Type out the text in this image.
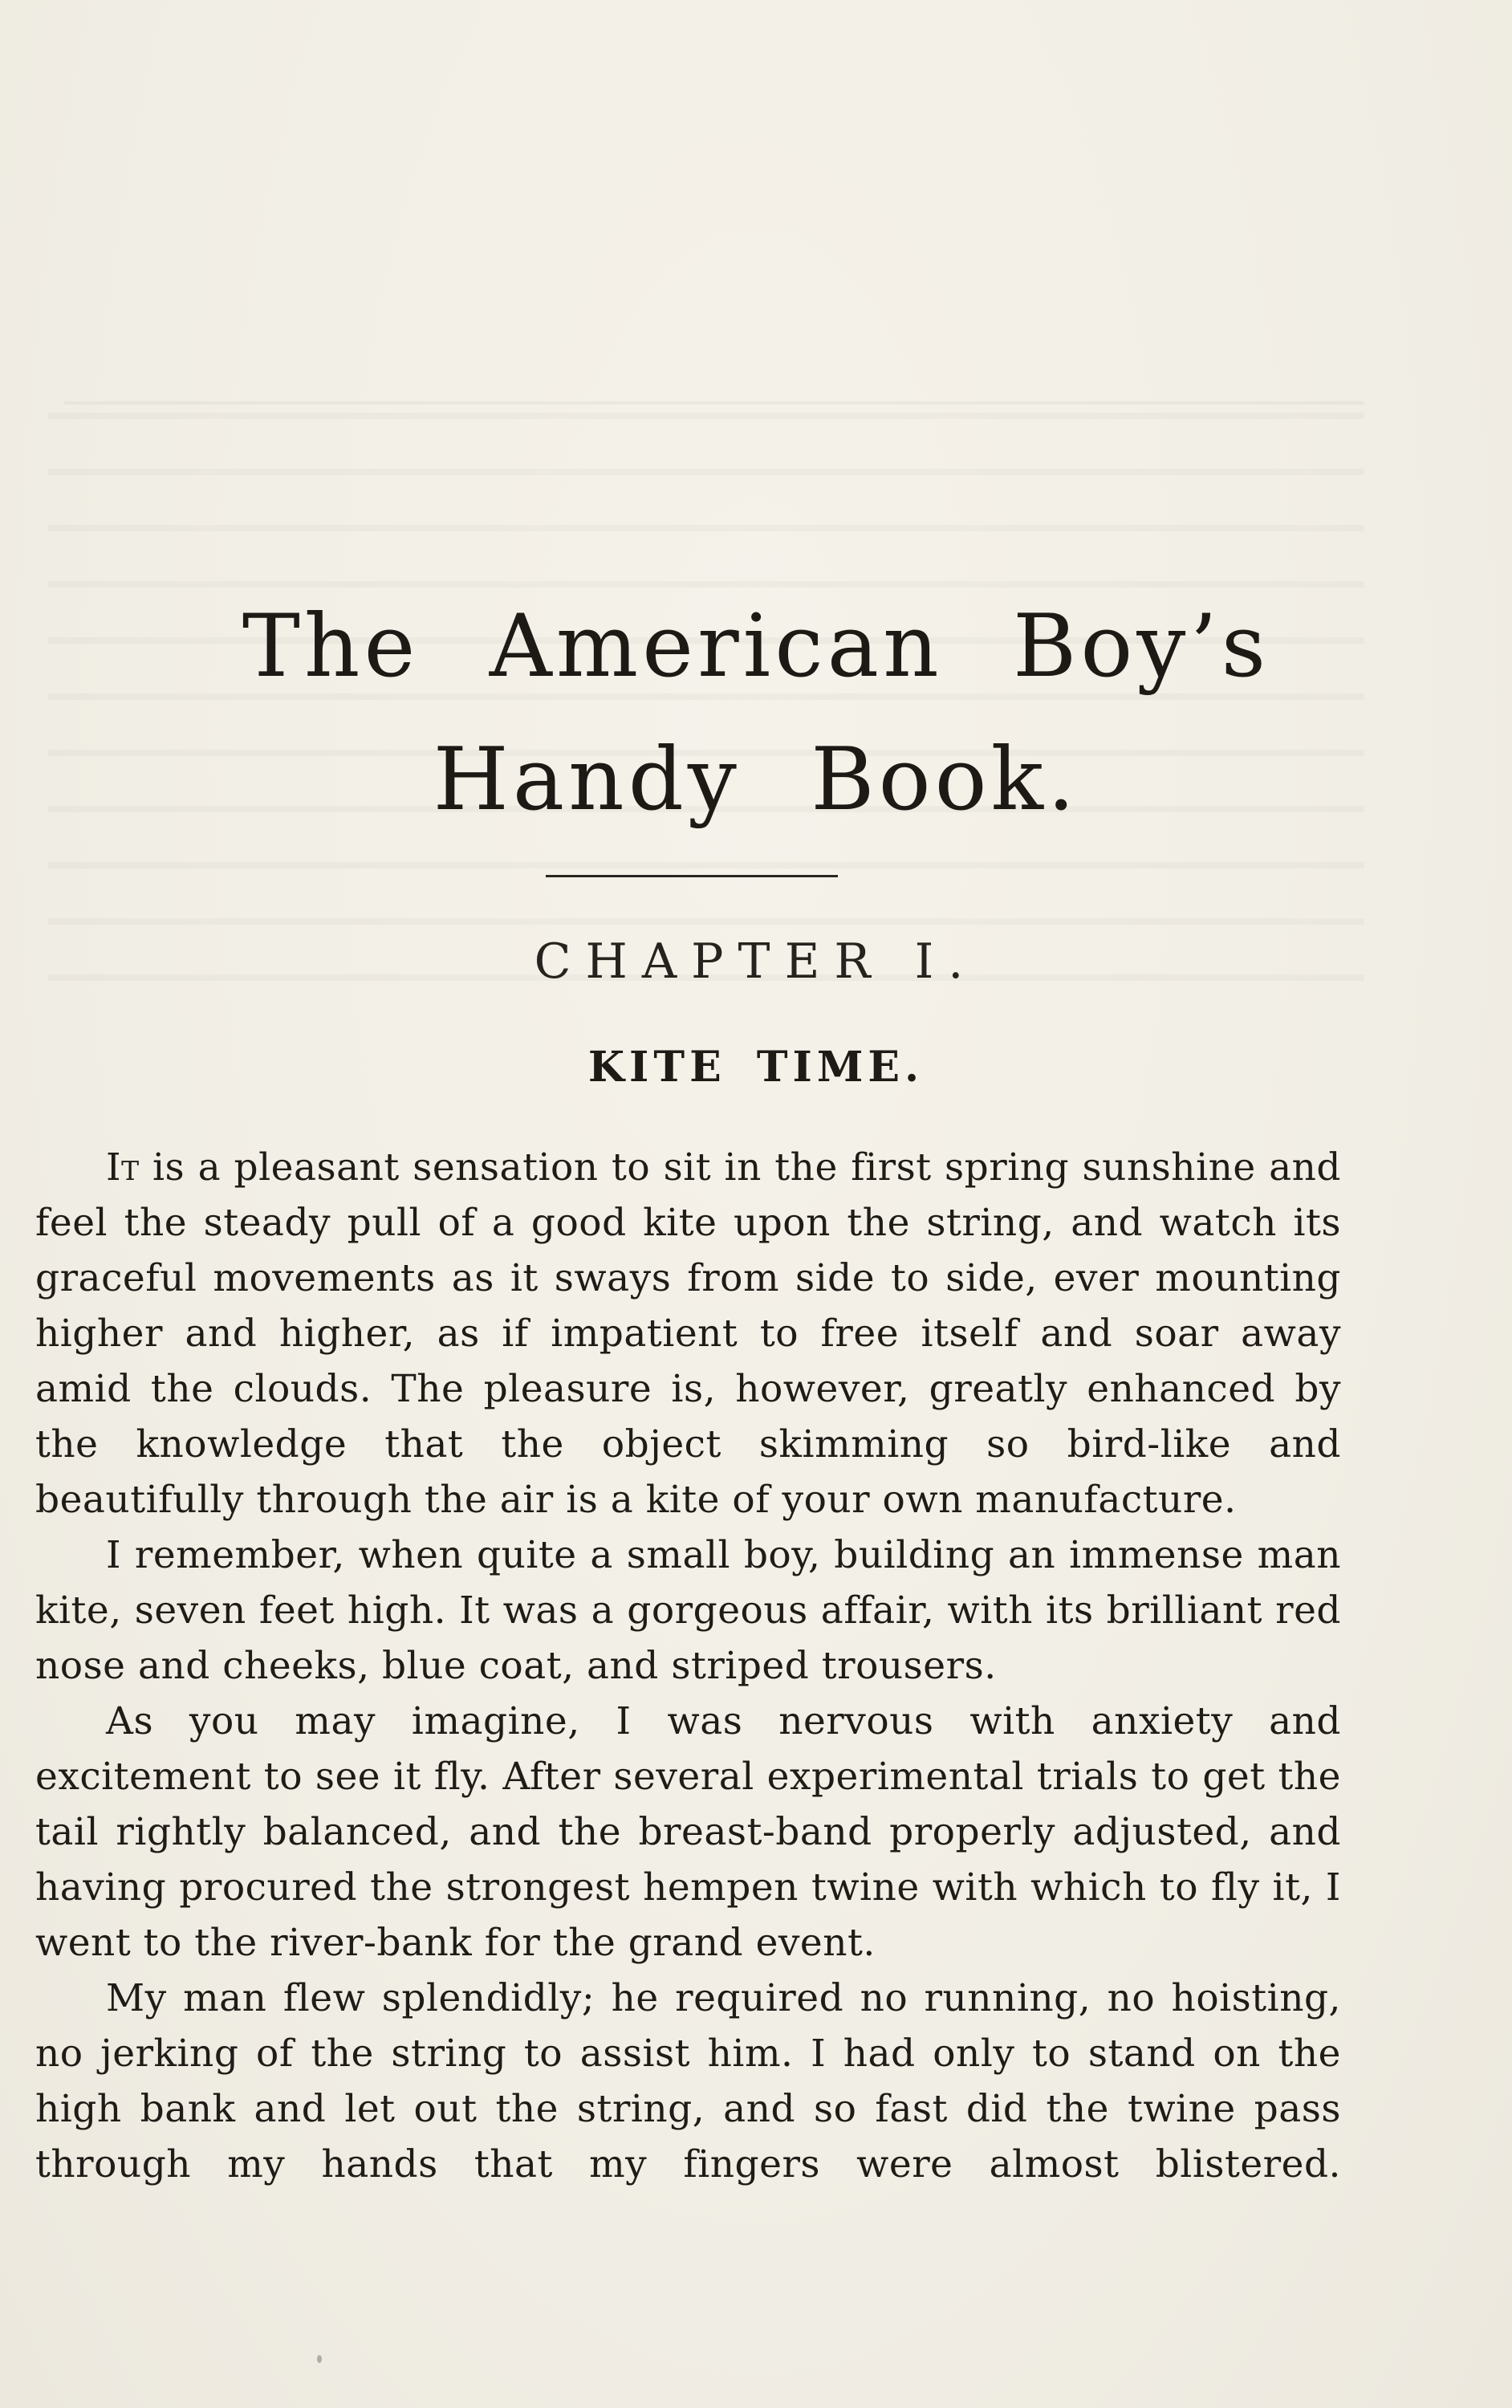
The American Boy’s
Handy Book.
CHAPTER I.
KITE TIME.

It is a pleasant sensation to sit in the first spring sunshine and feel the steady pull of a good kite upon the string, and watch its graceful movements as it sways from side to side, ever mounting higher and higher, as if impatient to free itself and soar away amid the clouds. The pleasure is, however, greatly enhanced by the knowledge that the object skimming so bird-like and beautifully through the air is a kite of your own manufacture.

I remember, when quite a small boy, building an immense man kite, seven feet high. It was a gorgeous affair, with its brilliant red nose and cheeks, blue coat, and striped trousers.

As you may imagine, I was nervous with anxiety and excitement to see it fly. After several experimental trials to get the tail rightly balanced, and the breast-band properly adjusted, and having procured the strongest hempen twine with which to fly it, I went to the river-bank for the grand event.

My man flew splendidly; he required no running, no hoisting, no jerking of the string to assist him. I had only to stand on the high bank and let out the string, and so fast did the twine pass through my hands that my fingers were almost blistered.
